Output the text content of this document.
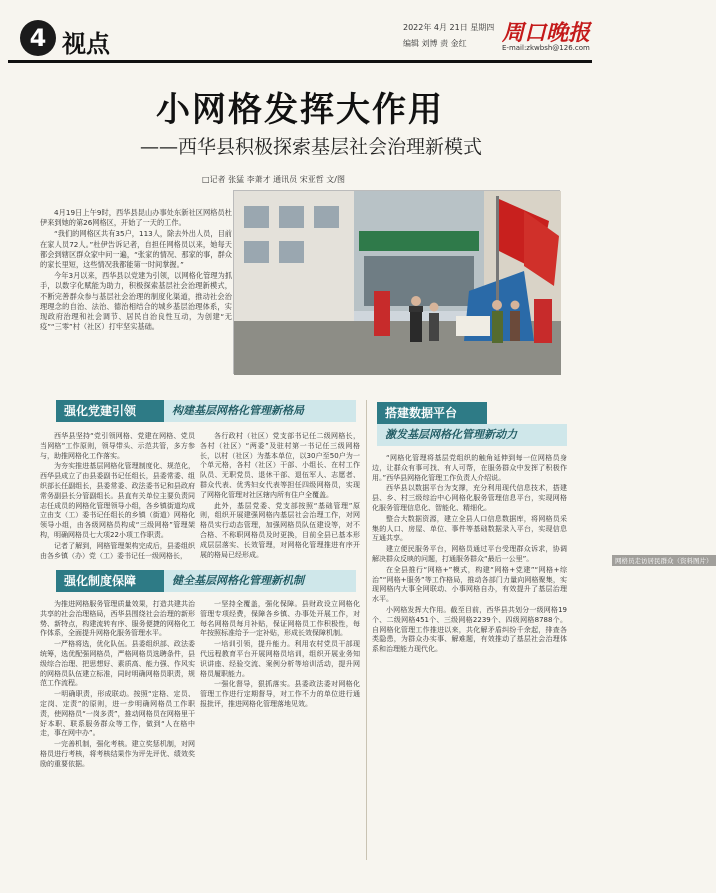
4 视点
2022年 4月 21日 星期四
编辑 刘博 责 金红 周口晚报
E-mail:zkwbsh@126.com
小网格发挥大作用
——西华县积极探索基层社会治理新模式
□记者 张猛 李萧才 通讯员 宋亚哲 文/图

4月19日上午9时，西华县昆山办事处东新社区网格员杜伊来到她的第26网格区，开始了一天的工作。

“我们的网格区共有35户，113人，除去外出人员，目前在家人员72人。”杜伊告诉记者，自担任网格员以来，她每天都会到辖区群众家中问一遍，“张家的情况、那家的事，群众的家长里短，这些情况我都能第一时间掌握。”

今年3月以来，西华县以党建为引领，以网格化管理为抓手，以数字化赋能为助力，积极探索基层社会治理新模式，不断完善群众参与基层社会治理的制度化渠道，推动社会治理理念的自治、法治、德治相结合的城乡基层治理体系，实现政府治理和社会调节、居民自治良性互动，为创建“无疫”“三零”村（社区）打牢坚实基础。

网格员走访居民群众（资料图片）
强化党建引领	构建基层网格化管理新格局

西华县坚持“党引领网格、党建在网格、党员当网格”工作原则，领导带头、示范共管，多方参与，助推网格化工作落实。

为夯实推进基层网格化管理制度化、规范化，西华县成立了由县委副书记任组长，县委常委、组织部长任副组长，县委常委、政法委书记和县政府常务副县长分管副组长。县直有关单位主要负责同志任成员的网格化管理领导小组，各乡镇街道均成立由支（工）委书记任组长的乡镇（街道）网格化领导小组，由各级网格员构成“三级网格”管理架构，明确网格员七大项22小项工作职责。

记者了解到，网格管理架构完成后，县委组织由各乡镇（办）党（工）委书记任一级网格长，

各行政村（社区）党支部书记任二级网格长，各村（社区）“两委”及驻村第一书记任三级网格长，以村（社区）为基本单位，以30户至50户为一个单元格，各村（社区）干部、小组长、在村工作队员、无职党员、退休干部、退伍军人、志愿者、群众代表、优秀妇女代表等担任四级网格员，实现了网格化管理对社区辖内所有住户全覆盖。

此外，基层党委、党支部按照“基础管理”原则，组织开展建强网格内基层社会治理工作，对网格员实行动态管理，加强网格员队伍建设等，对不合格、不称职网格员及时更换，目前全县已基本形成层层落实、长效管理，对网格化管理推进有序开展的格局已经形成。

强化制度保障	健全基层网格化管理新机制

为推进网格服务管理质量效果，打造共建共治共享的社会治理格局，西华县围绕社会治理的新形势、新特点，构建流转有序、服务便捷的网格化工作体系，全面提升网格化服务管理水平。

一严格将选，优化队伍。县委组织部、政法委统筹，选优配强网格员，严格网格员选聘条件，县级综合治理、把思想好、素质高、能力强、作风实的网格员队伍建立标准，同时明确网格员职责，规范工作流程。

一明确职责，形成联动。按照“定格、定员、定岗、定责”的原则，进一步明确网格员工作职责，使网格员“一岗多责”，推动网格员在网格里干好本职、联系服务群众等工作，做到“人在格中走，事在网中办”。

一完善机制，强化考核。建立奖惩机制，对网格员进行考核，将考核结果作为评先评优、绩效奖励的重要依据。

一坚持全覆盖，强化保障。县财政设立网格化管理专项经费，保障各乡镇、办事处开展工作，对每名网格员每月补贴，保证网格员工作积极性，每年按照标准给予一定补贴，形成长效保障机制。

一培训引领，提升能力。利用农村党员干部现代远程教育平台开展网格员培训，组织开展业务知识讲座、经验交流、案例分析等培训活动，提升网格员履职能力。

一强化督导，狠抓落实。县委政法委对网格化管理工作进行定期督导，对工作不力的单位进行通报批评，推进网格化管理落地见效。

搭建数据平台
激发基层网格化管理新动力

“网格化管理将基层党组织的触角延伸到每一位网格员身边，让群众有事可找、有人可帮，在服务群众中发挥了积极作用。”西华县网格化管理工作负责人介绍说。

西华县以数据平台为支撑，充分利用现代信息技术，搭建县、乡、村三级综治中心网格化服务管理信息平台，实现网格化服务管理信息化、智能化、精细化。

整合大数据资源，建立全县人口信息数据库，将网格员采集的人口、房屋、单位、事件等基础数据录入平台，实现信息互通共享。

建立便民服务平台，网格员通过平台受理群众诉求，协调解决群众反映的问题，打通服务群众“最后一公里”。

在全县推行“网格+”模式，构建“网格+党建”“网格+综治”“网格+服务”等工作格局，推动各部门力量向网格聚集，实现网格内大事全网联动、小事网格自办，有效提升了基层治理水平。

小网格发挥大作用。截至目前，西华县共划分一级网格19个、二级网格451个、三级网格2239个、四级网格8788个。自网格化管理工作推进以来，共化解矛盾纠纷千余起，排查各类隐患，为群众办实事、解难题，有效推动了基层社会治理体系和治理能力现代化。
